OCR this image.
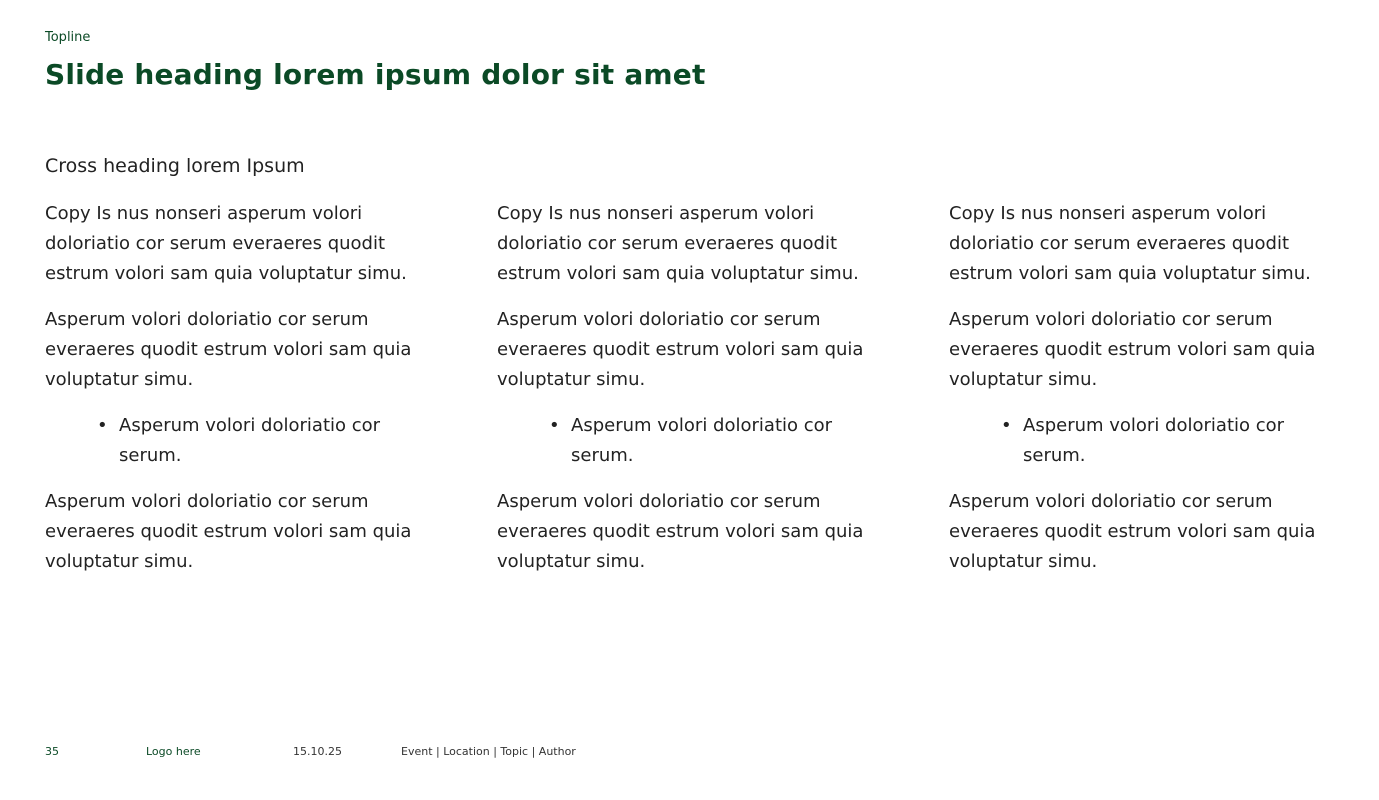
Topline
Slide heading lorem ipsum dolor sit amet
Cross heading lorem Ipsum
Copy Is nus nonseri asperum volori
doloriatio cor serum everaeres quodit
estrum volori sam quia voluptatur simu.
Asperum volori doloriatio cor serum
everaeres quodit estrum volori sam quia
voluptatur simu.
• Asperum volori doloriatio cor
serum.
Asperum volori doloriatio cor serum
everaeres quodit estrum volori sam quia
voluptatur simu.
Copy Is nus nonseri asperum volori
doloriatio cor serum everaeres quodit
estrum volori sam quia voluptatur simu.
Asperum volori doloriatio cor serum
everaeres quodit estrum volori sam quia
voluptatur simu.
• Asperum volori doloriatio cor
serum.
Asperum volori doloriatio cor serum
everaeres quodit estrum volori sam quia
voluptatur simu.
Copy Is nus nonseri asperum volori
doloriatio cor serum everaeres quodit
estrum volori sam quia voluptatur simu.
Asperum volori doloriatio cor serum
everaeres quodit estrum volori sam quia
voluptatur simu.
• Asperum volori doloriatio cor
serum.
Asperum volori doloriatio cor serum
everaeres quodit estrum volori sam quia
voluptatur simu.
35	Logo here	15.10.25	Event | Location | Topic | Author
